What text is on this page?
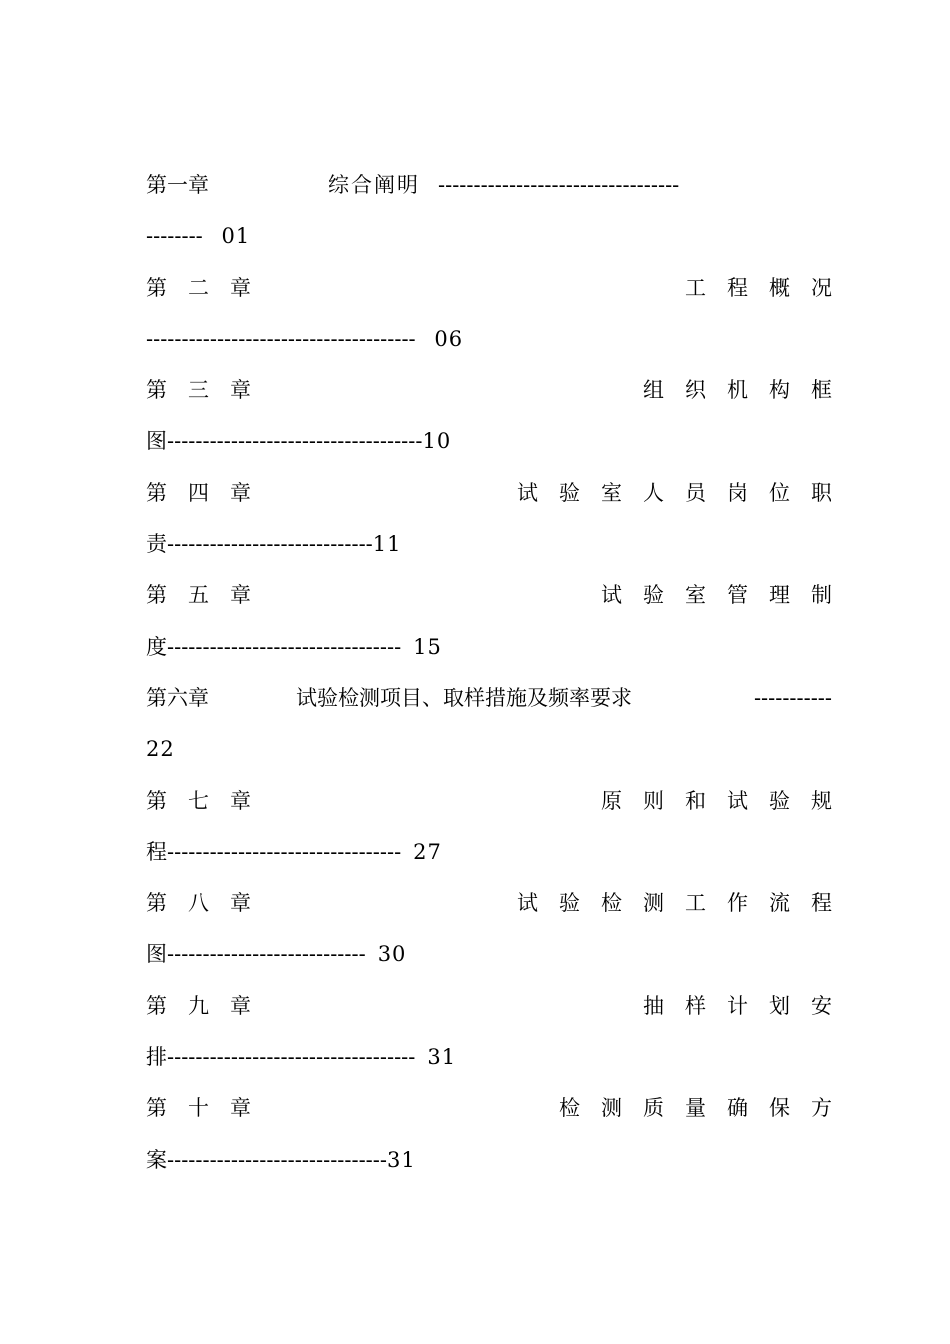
第一章	综合阐明 ----------------------------------
-------- 01
第　二　章	工　程　概　况
-------------------------------------- 06
第　三　章	组　织　机　构　框
图------------------------------------10
第　四　章	试　验　室　人　员　岗　位　职
责-----------------------------11
第　五　章	试　验　室　管　理　制
度--------------------------------- 15
第六章	试验检测项目、取样措施及频率要求	-----------
22
第　七　章	原　则　和　试　验　规
程--------------------------------- 27
第　八　章	试　验　检　测　工　作　流　程
图---------------------------- 30
第　九　章	抽　样　计　划　安
排----------------------------------- 31
第　十　章	检　测　质　量　确　保　方
案-------------------------------31
